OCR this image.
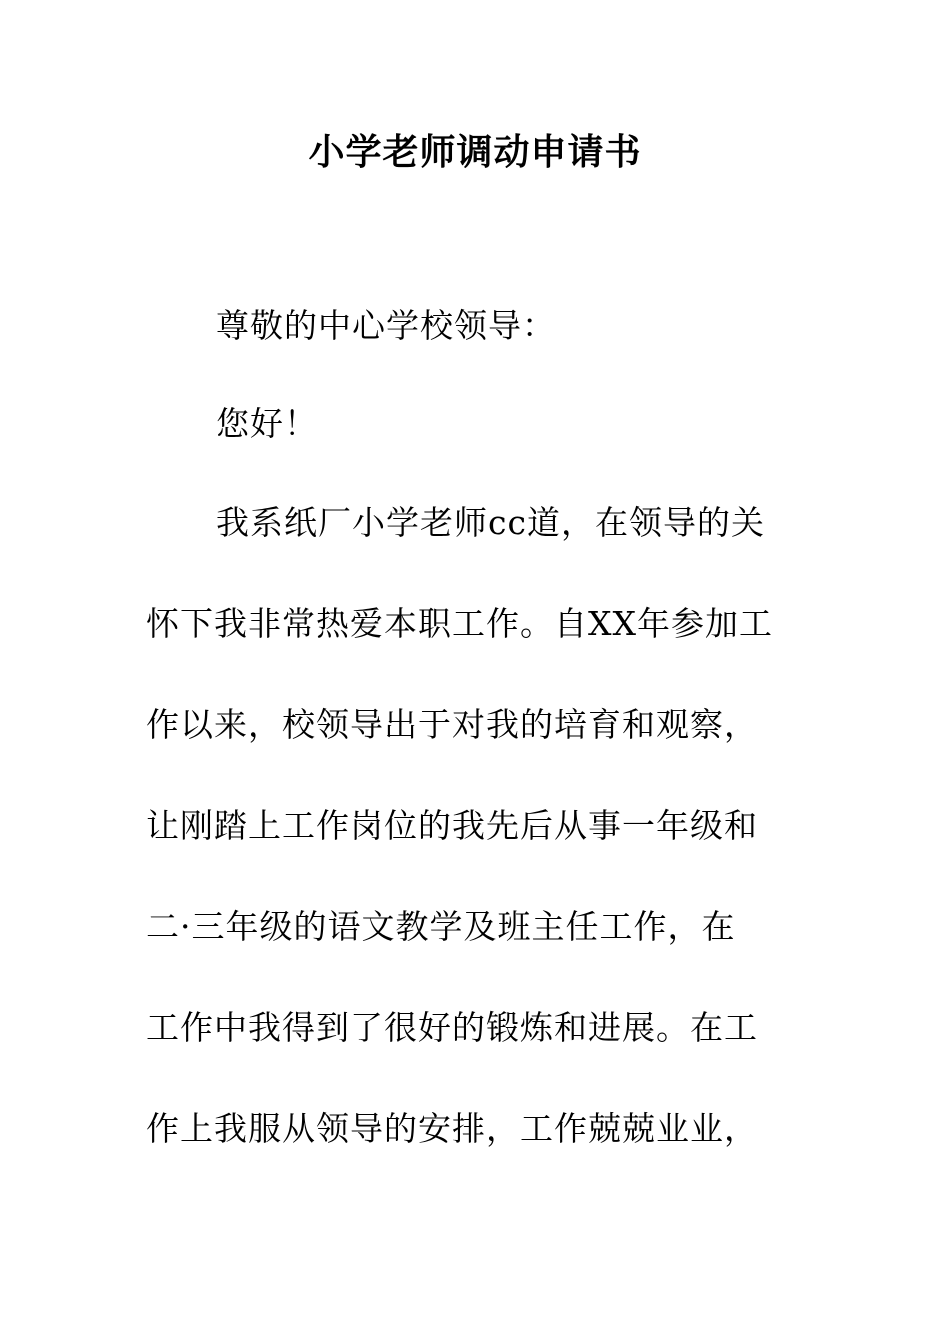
小学老师调动申请书
尊敬的中心学校领导：
您好！
我系纸厂小学老师cc道，在领导的关
怀下我非常热爱本职工作。自XX年参加工
作以来，校领导出于对我的培育和观察，
让刚踏上工作岗位的我先后从事一年级和
二·三年级的语文教学及班主任工作，在
工作中我得到了很好的锻炼和进展。在工
作上我服从领导的安排，工作兢兢业业，
